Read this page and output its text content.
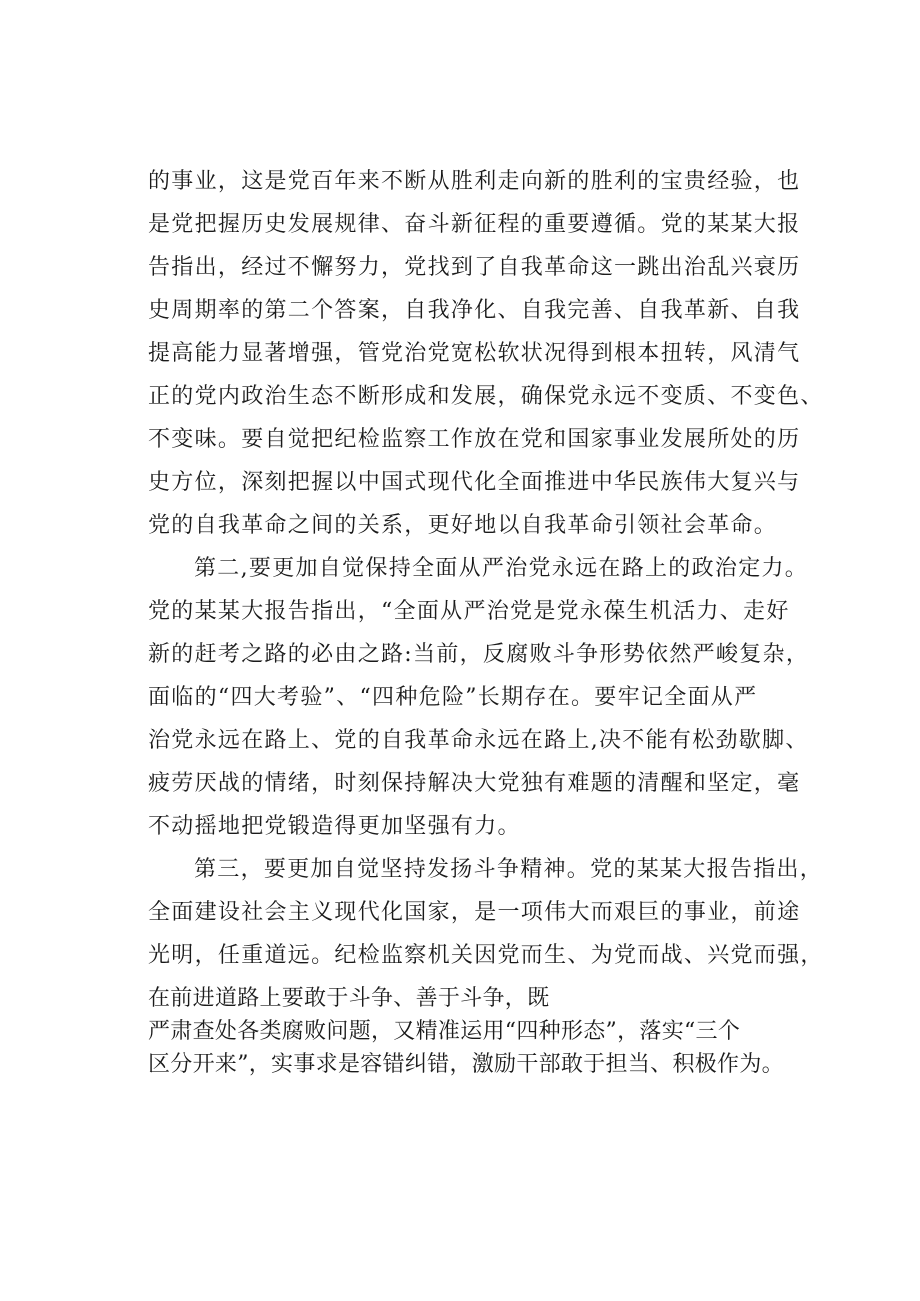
的事业，这是党百年来不断从胜利走向新的胜利的宝贵经验，也
是党把握历史发展规律、奋斗新征程的重要遵循。党的某某大报
告指出，经过不懈努力，党找到了自我革命这一跳出治乱兴衰历
史周期率的第二个答案，自我净化、自我完善、自我革新、自我
提高能力显著增强，管党治党宽松软状况得到根本扭转，风清气
正的党内政治生态不断形成和发展，确保党永远不变质、不变色、
不变味。要自觉把纪检监察工作放在党和国家事业发展所处的历
史方位，深刻把握以中国式现代化全面推进中华民族伟大复兴与
党的自我革命之间的关系，更好地以自我革命引领社会革命。
第二,要更加自觉保持全面从严治党永远在路上的政治定力。
党的某某大报告指出，“全面从严治党是党永葆生机活力、走好
新的赶考之路的必由之路:当前，反腐败斗争形势依然严峻复杂，
面临的“四大考验”、“四种危险”长期存在。要牢记全面从严
治党永远在路上、党的自我革命永远在路上,决不能有松劲歇脚、
疲劳厌战的情绪，时刻保持解决大党独有难题的清醒和坚定，毫
不动摇地把党锻造得更加坚强有力。
第三，要更加自觉坚持发扬斗争精神。党的某某大报告指出，
全面建设社会主义现代化国家，是一项伟大而艰巨的事业，前途
光明，任重道远。纪检监察机关因党而生、为党而战、兴党而强，
在前进道路上要敢于斗争、善于斗争，既
严肃查处各类腐败问题，又精准运用“四种形态”，落实“三个
区分开来”，实事求是容错纠错，激励干部敢于担当、积极作为。
